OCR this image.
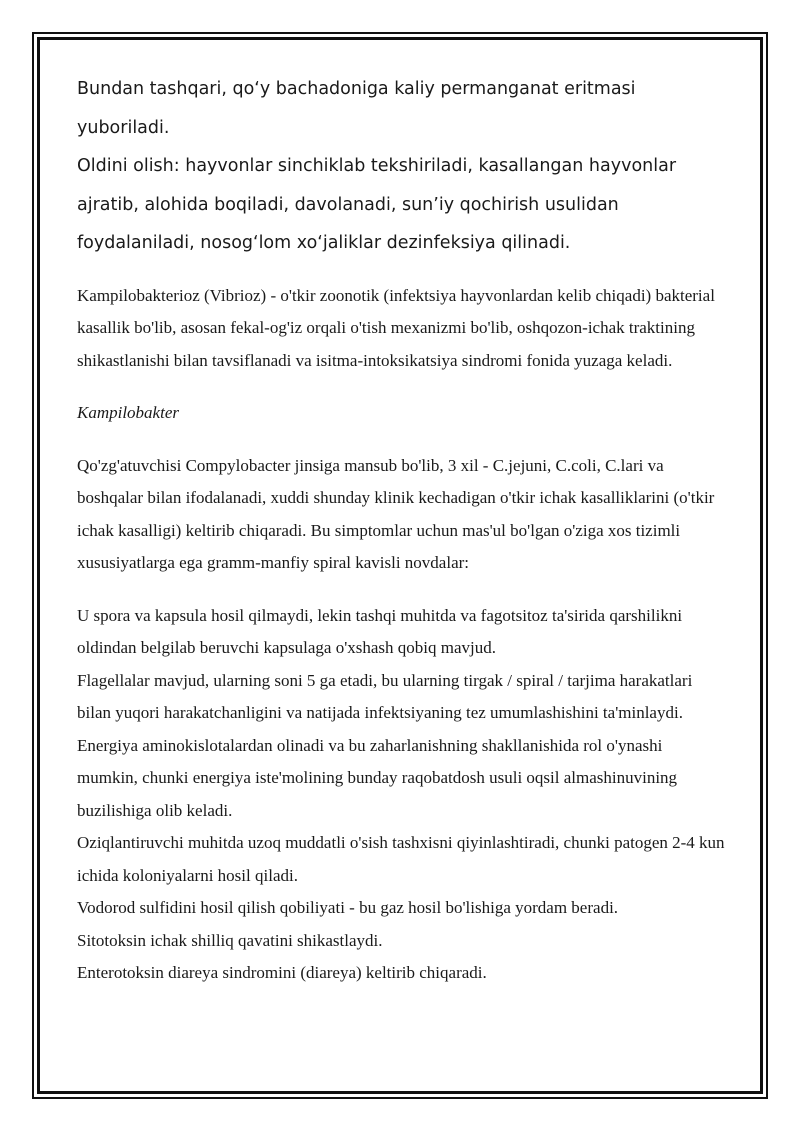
Bundan tashqari, qo‘y bachadoniga kaliy permanganat eritmasi yuboriladi.

Oldini olish: hayvonlar sinchiklab tekshiriladi, kasallangan hayvonlar ajratib, alohida boqiladi, davolanadi, sun’iy qochirish usulidan foydalaniladi, nosog‘lom xo‘jaliklar dezinfeksiya qilinadi.

Kampilobakterioz (Vibrioz) - o'tkir zoonotik (infektsiya hayvonlardan kelib chiqadi) bakterial kasallik bo'lib, asosan fekal-og'iz orqali o'tish mexanizmi bo'lib, oshqozon-ichak traktining shikastlanishi bilan tavsiflanadi va isitma-intoksikatsiya sindromi fonida yuzaga keladi.

Kampilobakter

Qo'zg'atuvchisi Compylobacter jinsiga mansub bo'lib, 3 xil - C.jejuni, C.coli, C.lari va boshqalar bilan ifodalanadi, xuddi shunday klinik kechadigan o'tkir ichak kasalliklarini (o'tkir ichak kasalligi) keltirib chiqaradi. Bu simptomlar uchun mas'ul bo'lgan o'ziga xos tizimli xususiyatlarga ega gramm-manfiy spiral kavisli novdalar:

U spora va kapsula hosil qilmaydi, lekin tashqi muhitda va fagotsitoz ta'sirida qarshilikni oldindan belgilab beruvchi kapsulaga o'xshash qobiq mavjud.

Flagellalar mavjud, ularning soni 5 ga etadi, bu ularning tirgak / spiral / tarjima harakatlari bilan yuqori harakatchanligini va natijada infektsiyaning tez umumlashishini ta'minlaydi.

Energiya aminokislotalardan olinadi va bu zaharlanishning shakllanishida rol o'ynashi mumkin, chunki energiya iste'molining bunday raqobatdosh usuli oqsil almashinuvining buzilishiga olib keladi.

Oziqlantiruvchi muhitda uzoq muddatli o'sish tashxisni qiyinlashtiradi, chunki patogen 2-4 kun ichida koloniyalarni hosil qiladi.

Vodorod sulfidini hosil qilish qobiliyati - bu gaz hosil bo'lishiga yordam beradi.

Sitotoksin ichak shilliq qavatini shikastlaydi.

Enterotoksin diareya sindromini (diareya) keltirib chiqaradi.
